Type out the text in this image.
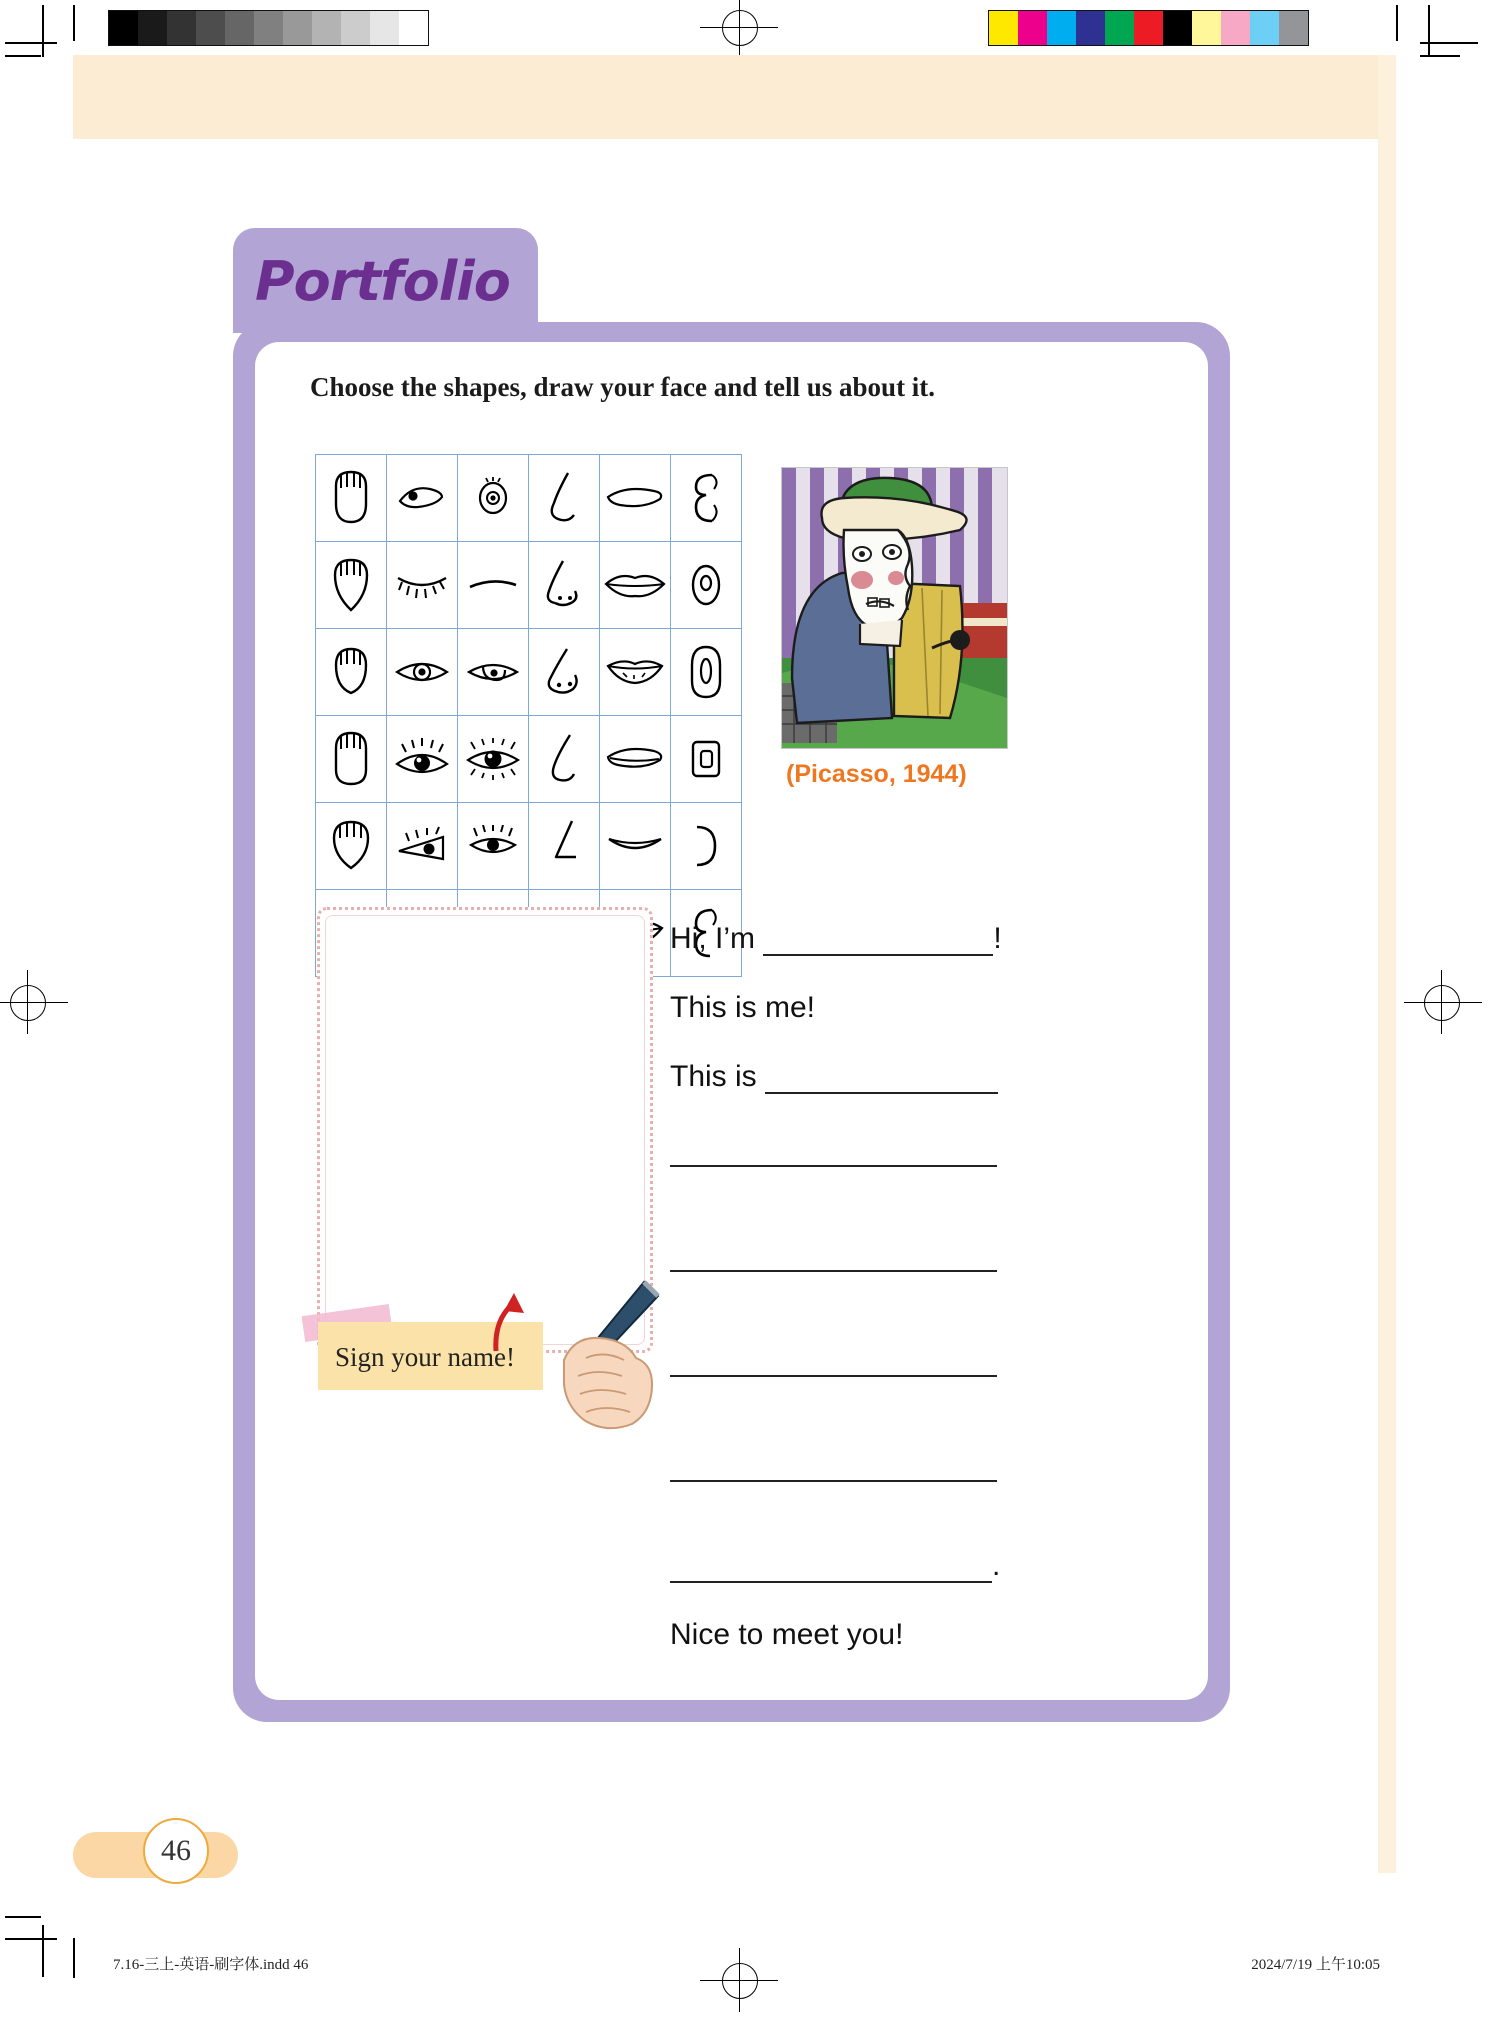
Portfolio
Choose the shapes, draw your face and tell us about it.

(Picasso, 1944)
Sign your name!
Hi, I’m	!
This is me!
This is
.
Nice to meet you!
46
7.16-三上-英语-刷字体.indd 46	2024/7/19 上午10:05
